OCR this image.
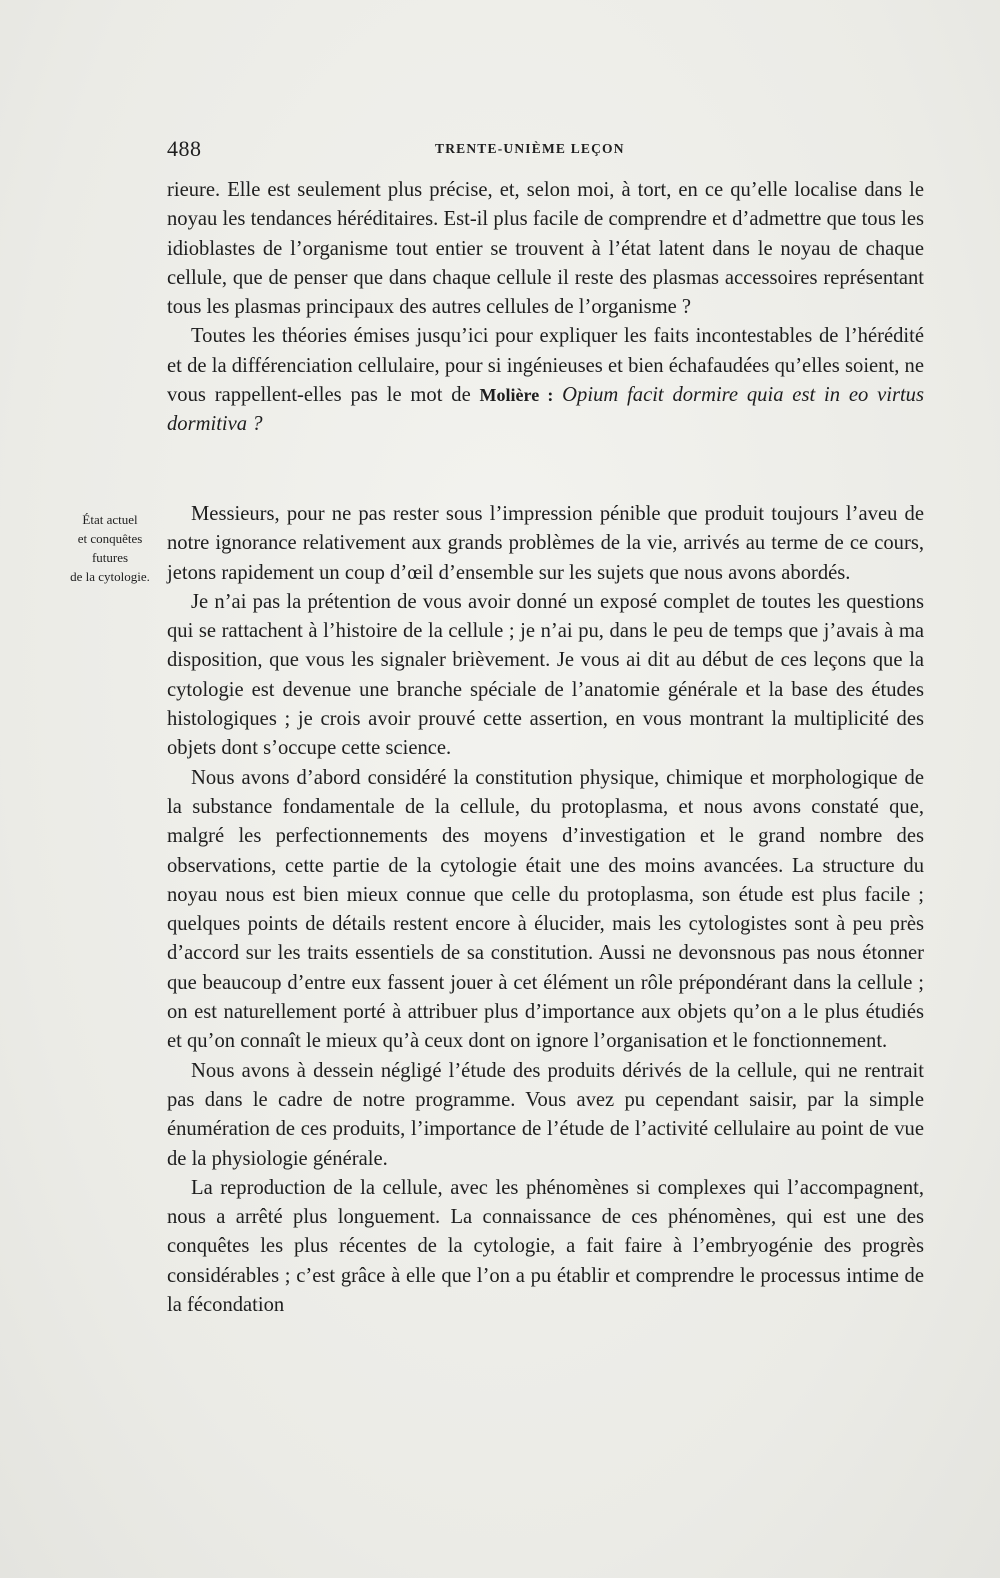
488	TRENTE-UNIÈME LEÇON

rieure. Elle est seulement plus précise, et, selon moi, à tort, en ce qu’elle localise dans le noyau les tendances héréditaires. Est-il plus facile de comprendre et d’admettre que tous les idioblastes de l’organisme tout entier se trouvent à l’état latent dans le noyau de chaque cellule, que de penser que dans chaque cellule il reste des plasmas accessoires représentant tous les plasmas principaux des autres cellules de l’organisme ?

Toutes les théories émises jusqu’ici pour expliquer les faits incontestables de l’hérédité et de la différenciation cellulaire, pour si ingénieuses et bien échafaudées qu’elles soient, ne vous rappellent-elles pas le mot de Molière : Opium facit dormire quia est in eo virtus dormitiva ?

État actuel
et conquêtes
futures
de la cytologie.

Messieurs, pour ne pas rester sous l’impression pénible que produit toujours l’aveu de notre ignorance relativement aux grands problèmes de la vie, arrivés au terme de ce cours, jetons rapidement un coup d’œil d’ensemble sur les sujets que nous avons abordés.

Je n’ai pas la prétention de vous avoir donné un exposé complet de toutes les questions qui se rattachent à l’histoire de la cellule ; je n’ai pu, dans le peu de temps que j’avais à ma disposition, que vous les signaler brièvement. Je vous ai dit au début de ces leçons que la cytologie est devenue une branche spéciale de l’anatomie générale et la base des études histologiques ; je crois avoir prouvé cette assertion, en vous montrant la multiplicité des objets dont s’occupe cette science.

Nous avons d’abord considéré la constitution physique, chimique et morphologique de la substance fondamentale de la cellule, du protoplasma, et nous avons constaté que, malgré les perfectionnements des moyens d’investigation et le grand nombre des observations, cette partie de la cytologie était une des moins avancées. La structure du noyau nous est bien mieux connue que celle du protoplasma, son étude est plus facile ; quelques points de détails restent encore à élucider, mais les cytologistes sont à peu près d’accord sur les traits essentiels de sa constitution. Aussi ne devonsnous pas nous étonner que beaucoup d’entre eux fassent jouer à cet élément un rôle prépondérant dans la cellule ; on est naturellement porté à attribuer plus d’importance aux objets qu’on a le plus étudiés et qu’on connaît le mieux qu’à ceux dont on ignore l’organisation et le fonctionnement.

Nous avons à dessein négligé l’étude des produits dérivés de la cellule, qui ne rentrait pas dans le cadre de notre programme. Vous avez pu cependant saisir, par la simple énumération de ces produits, l’importance de l’étude de l’activité cellulaire au point de vue de la physiologie générale.

La reproduction de la cellule, avec les phénomènes si complexes qui l’accompagnent, nous a arrêté plus longuement. La connaissance de ces phénomènes, qui est une des conquêtes les plus récentes de la cytologie, a fait faire à l’embryogénie des progrès considérables ; c’est grâce à elle que l’on a pu établir et comprendre le processus intime de la fécondation
